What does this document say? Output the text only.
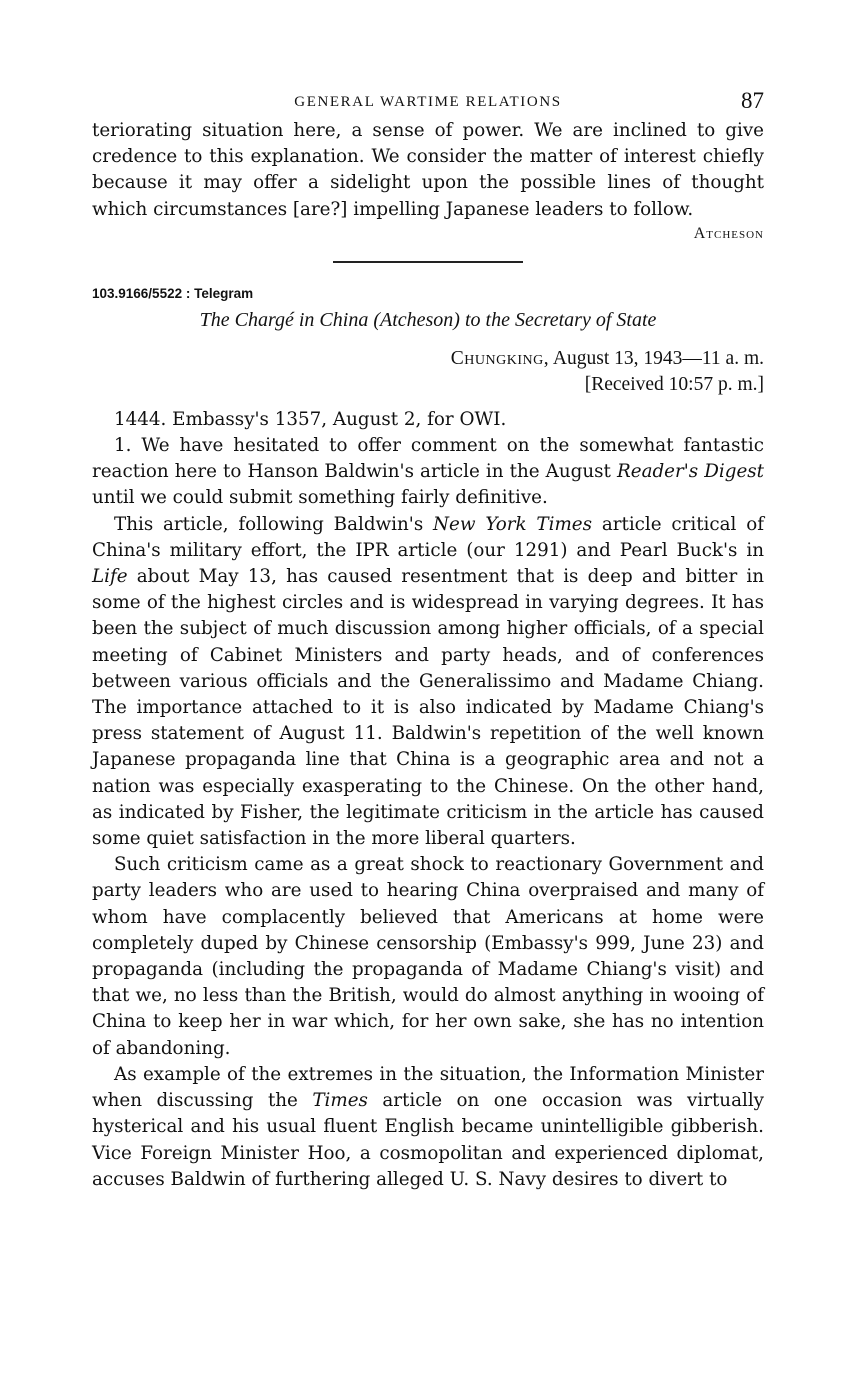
GENERAL WARTIME RELATIONS	87

teriorating situation here, a sense of power. We are inclined to give credence to this explanation. We consider the matter of interest chiefly because it may offer a sidelight upon the possible lines of thought which circumstances [are?] impelling Japanese leaders to follow.

Atcheson
103.9166/5522 : Telegram
The Chargé in China (Atcheson) to the Secretary of State
Chungking, August 13, 1943—11 a. m.
[Received 10:57 p. m.]

1444. Embassy's 1357, August 2, for OWI.

1. We have hesitated to offer comment on the somewhat fantastic reaction here to Hanson Baldwin's article in the August Reader's Digest until we could submit something fairly definitive.

This article, following Baldwin's New York Times article critical of China's military effort, the IPR article (our 1291) and Pearl Buck's in Life about May 13, has caused resentment that is deep and bitter in some of the highest circles and is widespread in varying degrees. It has been the subject of much discussion among higher officials, of a special meeting of Cabinet Ministers and party heads, and of conferences between various officials and the Generalissimo and Madame Chiang. The importance attached to it is also indicated by Madame Chiang's press statement of August 11. Baldwin's repetition of the well known Japanese propaganda line that China is a geographic area and not a nation was especially exasperating to the Chinese. On the other hand, as indicated by Fisher, the legitimate criticism in the article has caused some quiet satisfaction in the more liberal quarters.

Such criticism came as a great shock to reactionary Government and party leaders who are used to hearing China overpraised and many of whom have complacently believed that Americans at home were completely duped by Chinese censorship (Embassy's 999, June 23) and propaganda (including the propaganda of Madame Chiang's visit) and that we, no less than the British, would do almost anything in wooing of China to keep her in war which, for her own sake, she has no intention of abandoning.

As example of the extremes in the situation, the Information Minister when discussing the Times article on one occasion was virtually hysterical and his usual fluent English became unintelligible gibberish. Vice Foreign Minister Hoo, a cosmopolitan and experienced diplomat, accuses Baldwin of furthering alleged U. S. Navy desires to divert to
